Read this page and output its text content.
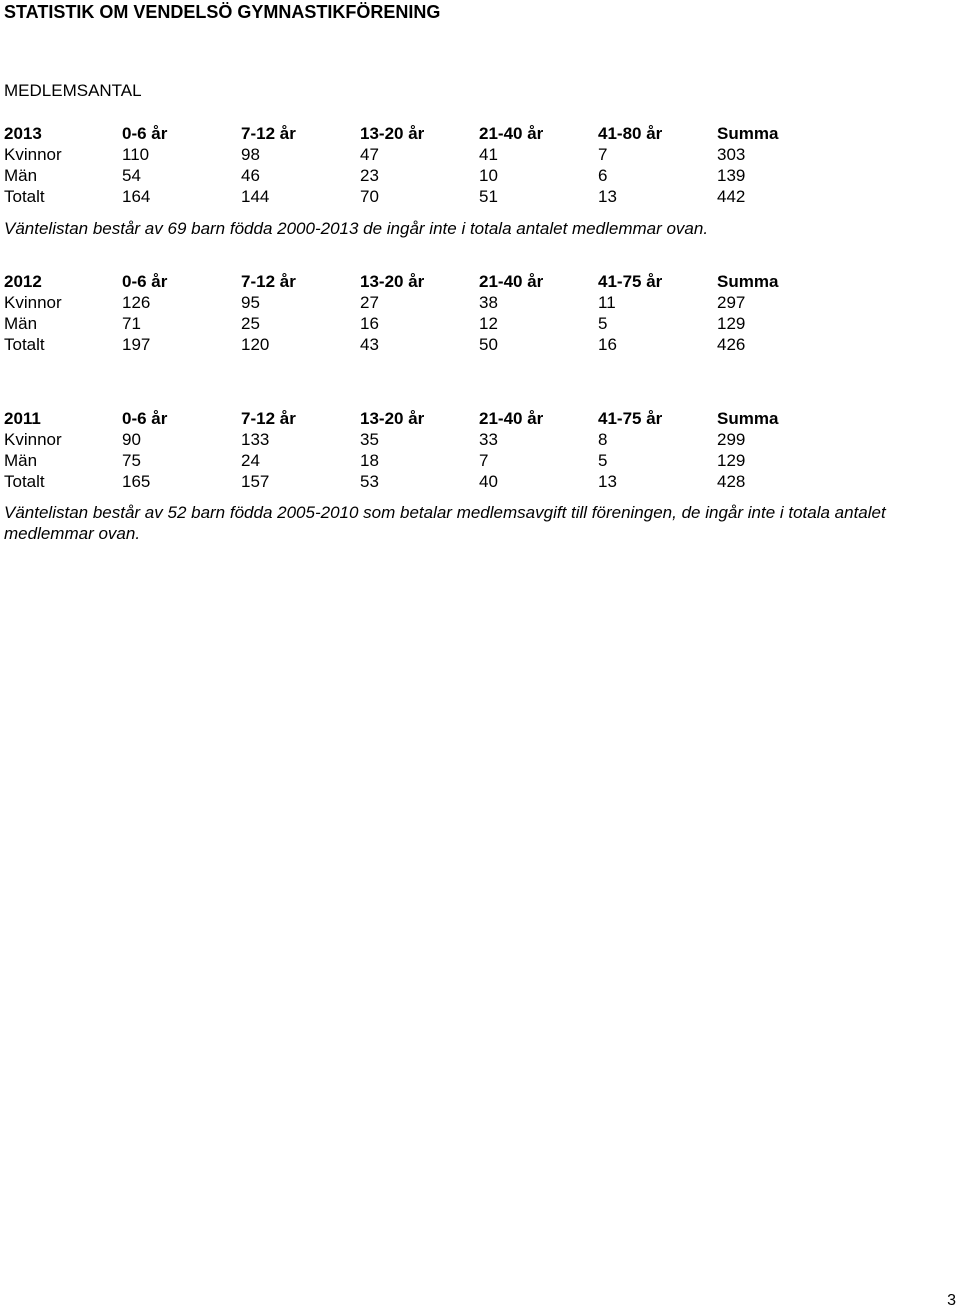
STATISTIK OM VENDELSÖ GYMNASTIKFÖRENING
MEDLEMSANTAL
2013	0-6 år	7-12 år	13-20 år	21-40 år	41-80 år	Summa
Kvinnor	110	98	47	41	7	303
Män	54	46	23	10	6	139
Totalt	164	144	70	51	13	442
Väntelistan består av 69 barn födda 2000-2013 de ingår inte i totala antalet medlemmar ovan.
2012	0-6 år	7-12 år	13-20 år	21-40 år	41-75 år	Summa
Kvinnor	126	95	27	38	11	297
Män	71	25	16	12	5	129
Totalt	197	120	43	50	16	426
2011	0-6 år	7-12 år	13-20 år	21-40 år	41-75 år	Summa
Kvinnor	90	133	35	33	8	299
Män	75	24	18	7	5	129
Totalt	165	157	53	40	13	428
Väntelistan består av 52 barn födda 2005-2010 som betalar medlemsavgift till föreningen, de ingår inte i totala antalet medlemmar ovan.
3
